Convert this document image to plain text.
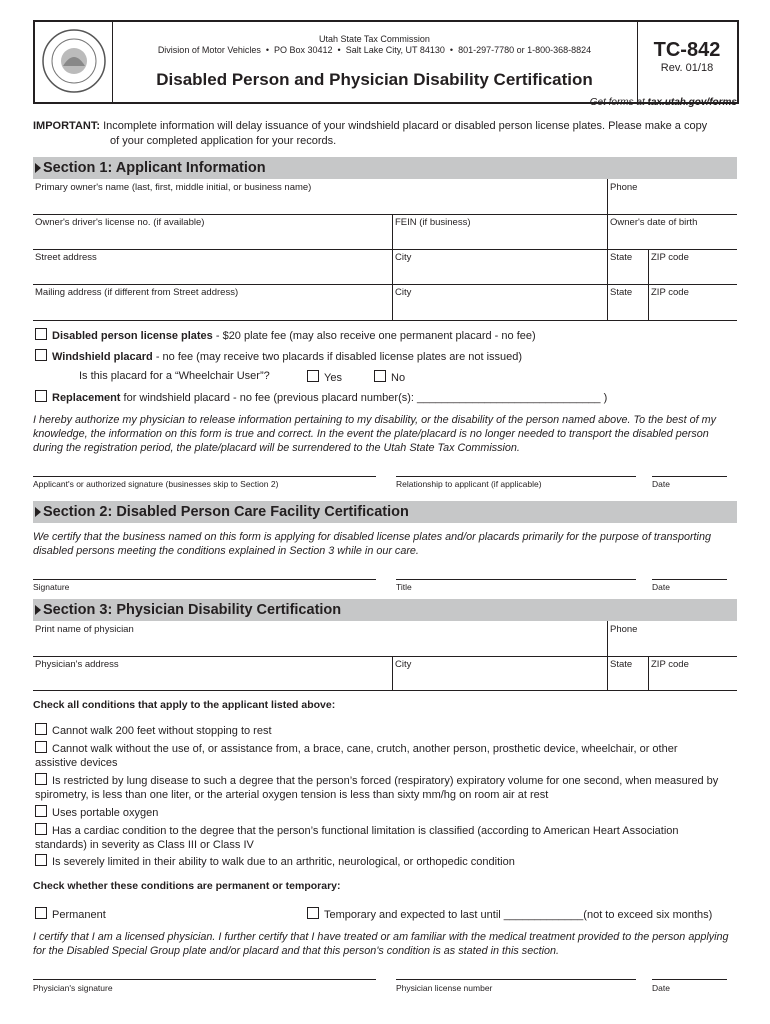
Utah State Tax Commission
Division of Motor Vehicles  •  PO Box 30412  •  Salt Lake City, UT 84130  •  801-297-7780 or 1-800-368-8824
Disabled Person and Physician Disability Certification
TC-842
Rev. 01/18
Get forms at tax.utah.gov/forms
IMPORTANT: Incomplete information will delay issuance of your windshield placard or disabled person license plates. Please make a copy
of your completed application for your records.
Section 1: Applicant Information
Primary owner's name (last, first, middle initial, or business name)	Phone
Owner's driver's license no. (if available)	FEIN (if business)	Owner's date of birth
Street address	City	State ZIP code
Mailing address (if different from Street address)	City	State ZIP code
Disabled person license plates - $20 plate fee (may also receive one permanent placard - no fee)
Windshield placard - no fee (may receive two placards if disabled license plates are not issued)
Is this placard for a “Wheelchair User”?	Yes	No
Replacement for windshield placard - no fee (previous placard number(s): ______________________________ )
I hereby authorize my physician to release information pertaining to my disability, or the disability of the person named above. To the best of my knowledge, the information on this form is true and correct. In the event the plate/placard is no longer needed to transport the disabled person during the registration period, the plate/placard will be surrendered to the Utah State Tax Commission.
Applicant's or authorized signature (businesses skip to Section 2)	Relationship to applicant (if applicable)	Date
Section 2: Disabled Person Care Facility Certification
We certify that the business named on this form is applying for disabled license plates and/or placards primarily for the purpose of transporting disabled persons meeting the conditions explained in Section 3 while in our care.
Signature	Title	Date
Section 3: Physician Disability Certification
Print name of physician	Phone
Physician's address	City	State ZIP code
Check all conditions that apply to the applicant listed above:
Cannot walk 200 feet without stopping to rest
Cannot walk without the use of, or assistance from, a brace, cane, crutch, another person, prosthetic device, wheelchair, or other assistive devices
Is restricted by lung disease to such a degree that the person’s forced (respiratory) expiratory volume for one second, when measured by spirometry, is less than one liter, or the arterial oxygen tension is less than sixty mm/hg on room air at rest
Uses portable oxygen
Has a cardiac condition to the degree that the person’s functional limitation is classified (according to American Heart Association standards) in severity as Class III or Class IV
Is severely limited in their ability to walk due to an arthritic, neurological, or orthopedic condition
Check whether these conditions are permanent or temporary:
Permanent	Temporary and expected to last until _____________(not to exceed six months)
I certify that I am a licensed physician. I further certify that I have treated or am familiar with the medical treatment provided to the person applying for the Disabled Special Group plate and/or placard and that this person's condition is as stated in this section.
Physician's signature	Physician license number	Date
